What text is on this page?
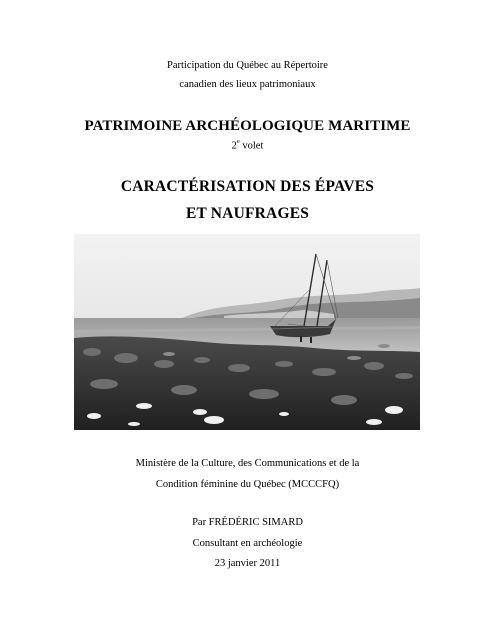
Participation du Québec au Répertoire
canadien des lieux patrimoniaux
PATRIMOINE ARCHÉOLOGIQUE MARITIME
2e volet
CARACTÉRISATION DES ÉPAVES
ET NAUFRAGES
Ministère de la Culture, des Communications et de la
Condition féminine du Québec (MCCCFQ)
Par FRÉDÉRIC SIMARD
Consultant en archéologie
23 janvier 2011
